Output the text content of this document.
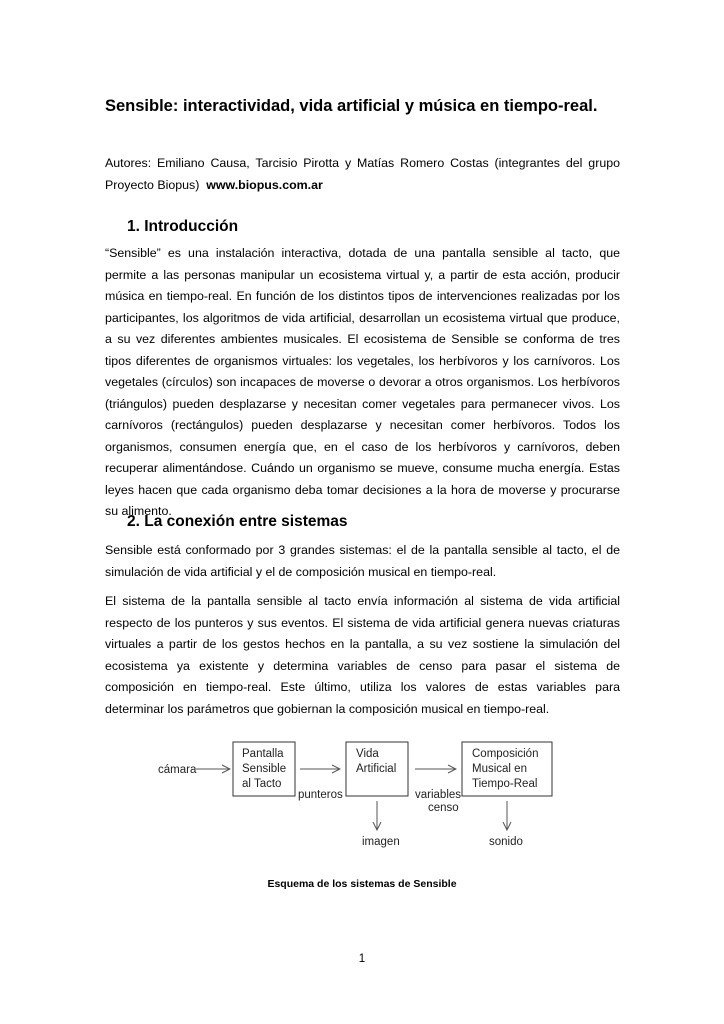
Sensible: interactividad, vida artificial y música en tiempo-real.

Autores: Emiliano Causa, Tarcisio Pirotta y Matías Romero Costas (integrantes del grupo Proyecto Biopus) www.biopus.com.ar

1. Introducción

“Sensible” es una instalación interactiva, dotada de una pantalla sensible al tacto, que permite a las personas manipular un ecosistema virtual y, a partir de esta acción, producir música en tiempo-real. En función de los distintos tipos de intervenciones realizadas por los participantes, los algoritmos de vida artificial, desarrollan un ecosistema virtual que produce, a su vez diferentes ambientes musicales. El ecosistema de Sensible se conforma de tres tipos diferentes de organismos virtuales: los vegetales, los herbívoros y los carnívoros. Los vegetales (círculos) son incapaces de moverse o devorar a otros organismos. Los herbívoros (triángulos) pueden desplazarse y necesitan comer vegetales para permanecer vivos. Los carnívoros (rectángulos) pueden desplazarse y necesitan comer herbívoros. Todos los organismos, consumen energía que, en el caso de los herbívoros y carnívoros, deben recuperar alimentándose. Cuándo un organismo se mueve, consume mucha energía. Estas leyes hacen que cada organismo deba tomar decisiones a la hora de moverse y procurarse su alimento.

2. La conexión entre sistemas

Sensible está conformado por 3 grandes sistemas: el de la pantalla sensible al tacto, el de simulación de vida artificial y el de composición musical en tiempo-real.

El sistema de la pantalla sensible al tacto envía información al sistema de vida artificial respecto de los punteros y sus eventos. El sistema de vida artificial genera nuevas criaturas virtuales a partir de los gestos hechos en la pantalla, a su vez sostiene la simulación del ecosistema ya existente y determina variables de censo para pasar el sistema de composición en tiempo-real. Este último, utiliza los valores de estas variables para determinar los parámetros que gobiernan la composición musical en tiempo-real.

cámara
Pantalla
Sensible
al Tacto
punteros
Vida
Artificial
variables
censo
Composición
Musical en
Tiempo-Real
imagen	sonido

Esquema de los sistemas de Sensible

1
